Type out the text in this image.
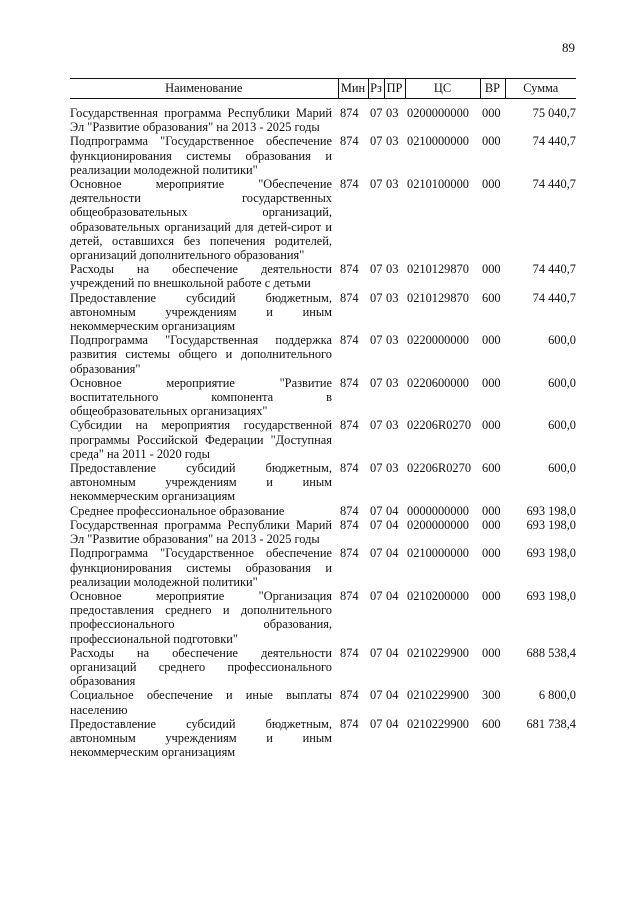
89
Наименование	Мин	Рз	ПР	ЦС	ВР	Сумма
Государственная программа Республики Марий Эл "Развитие образования" на 2013 - 2025 годы	874	07	03	0200000000	000	75 040,7
Подпрограмма "Государственное обеспечение функционирования системы образования и реализации молодежной политики"	874	07	03	0210000000	000	74 440,7
Основное мероприятие "Обеспечение деятельности государственных общеобразовательных организаций, образовательных организаций для детей-сирот и детей, оставшихся без попечения родителей, организаций дополнительного образования"	874	07	03	0210100000	000	74 440,7
Расходы на обеспечение деятельности учреждений по внешкольной работе с детьми	874	07	03	0210129870	000	74 440,7
Предоставление субсидий бюджетным, автономным учреждениям и иным некоммерческим организациям	874	07	03	0210129870	600	74 440,7
Подпрограмма "Государственная поддержка развития системы общего и дополнительного образования"	874	07	03	0220000000	000	600,0
Основное мероприятие "Развитие воспитательного компонента в общеобразовательных организациях"	874	07	03	0220600000	000	600,0
Субсидии на мероприятия государственной программы Российской Федерации "Доступная среда" на 2011 - 2020 годы	874	07	03	02206R0270	000	600,0
Предоставление субсидий бюджетным, автономным учреждениям и иным некоммерческим организациям	874	07	03	02206R0270	600	600,0
Среднее профессиональное образование	874	07	04	0000000000	000	693 198,0
Государственная программа Республики Марий Эл "Развитие образования" на 2013 - 2025 годы	874	07	04	0200000000	000	693 198,0
Подпрограмма "Государственное обеспечение функционирования системы образования и реализации молодежной политики"	874	07	04	0210000000	000	693 198,0
Основное мероприятие "Организация предоставления среднего и дополнительного профессионального образования, профессиональной подготовки"	874	07	04	0210200000	000	693 198,0
Расходы на обеспечение деятельности организаций среднего профессионального образования	874	07	04	0210229900	000	688 538,4
Социальное обеспечение и иные выплаты населению	874	07	04	0210229900	300	6 800,0
Предоставление субсидий бюджетным, автономным учреждениям и иным некоммерческим организациям	874	07	04	0210229900	600	681 738,4
